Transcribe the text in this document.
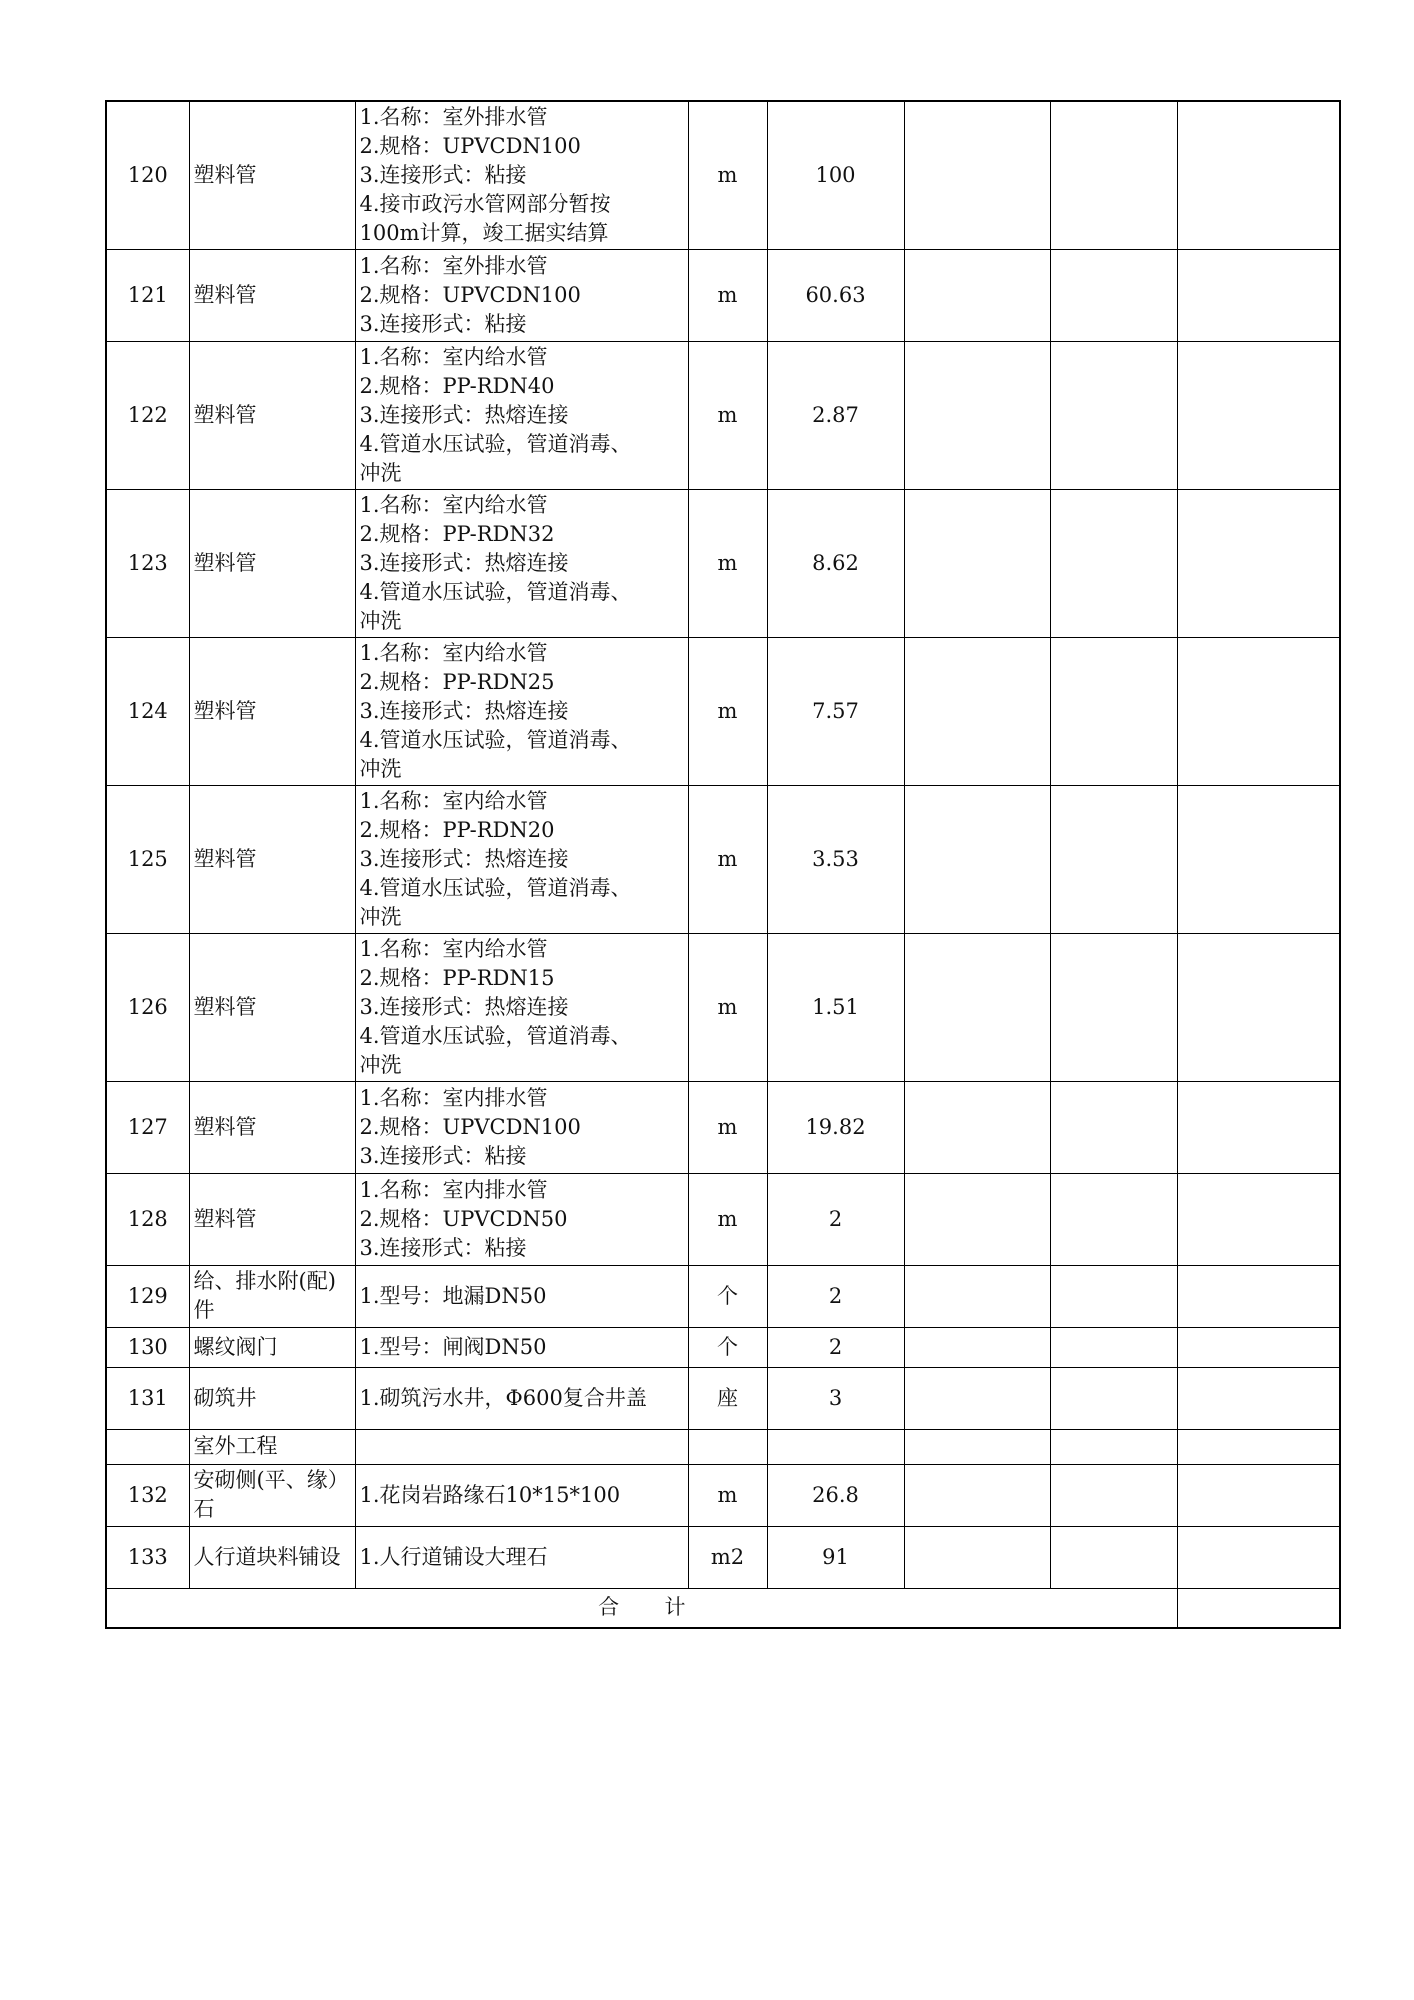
120	塑料管	1.名称：室外排水管
2.规格：UPVCDN100
3.连接形式：粘接
4.接市政污水管网部分暂按
100m计算，竣工据实结算	m	100			
121	塑料管	1.名称：室外排水管
2.规格：UPVCDN100
3.连接形式：粘接	m	60.63			
122	塑料管	1.名称：室内给水管
2.规格：PP-RDN40
3.连接形式：热熔连接
4.管道水压试验，管道消毒、
冲洗	m	2.87			
123	塑料管	1.名称：室内给水管
2.规格：PP-RDN32
3.连接形式：热熔连接
4.管道水压试验，管道消毒、
冲洗	m	8.62			
124	塑料管	1.名称：室内给水管
2.规格：PP-RDN25
3.连接形式：热熔连接
4.管道水压试验，管道消毒、
冲洗	m	7.57			
125	塑料管	1.名称：室内给水管
2.规格：PP-RDN20
3.连接形式：热熔连接
4.管道水压试验，管道消毒、
冲洗	m	3.53			
126	塑料管	1.名称：室内给水管
2.规格：PP-RDN15
3.连接形式：热熔连接
4.管道水压试验，管道消毒、
冲洗	m	1.51			
127	塑料管	1.名称：室内排水管
2.规格：UPVCDN100
3.连接形式：粘接	m	19.82			
128	塑料管	1.名称：室内排水管
2.规格：UPVCDN50
3.连接形式：粘接	m	2			
129	给、排水附(配)件	1.型号：地漏DN50	个	2			
130	螺纹阀门	1.型号：闸阀DN50	个	2			
131	砌筑井	1.砌筑污水井，Φ600复合井盖	座	3			
	室外工程						
132	安砌侧(平、缘）石	1.花岗岩路缘石10*15*100	m	26.8			
133	人行道块料铺设	1.人行道铺设大理石	m2	91			
合 计							
